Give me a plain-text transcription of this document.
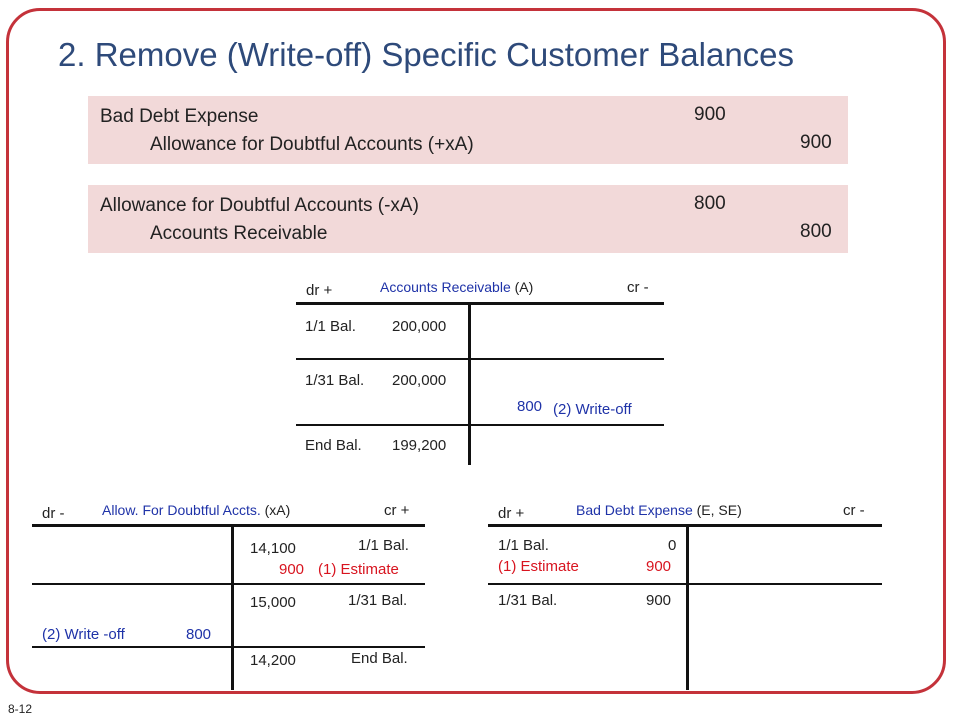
2. Remove (Write-off) Specific Customer Balances
Bad Debt Expense	900
Allowance for Doubtful Accounts (+xA)	900
Allowance for Doubtful Accounts (-xA)	800
Accounts Receivable	800
dr +	Accounts Receivable (A)	cr -
1/1 Bal. 200,000
1/31 Bal. 200,000
800 (2) Write-off
End Bal. 199,200
dr -	Allow. For Doubtful Accts. (xA)	cr +
14,100	1/1 Bal.
900 (1) Estimate
15,000	1/31 Bal.
(2) Write -off	800
14,200	End Bal.
dr +	Bad Debt Expense (E, SE)	cr -
1/1 Bal.	0
(1) Estimate	900
1/31 Bal.	900
8-12
